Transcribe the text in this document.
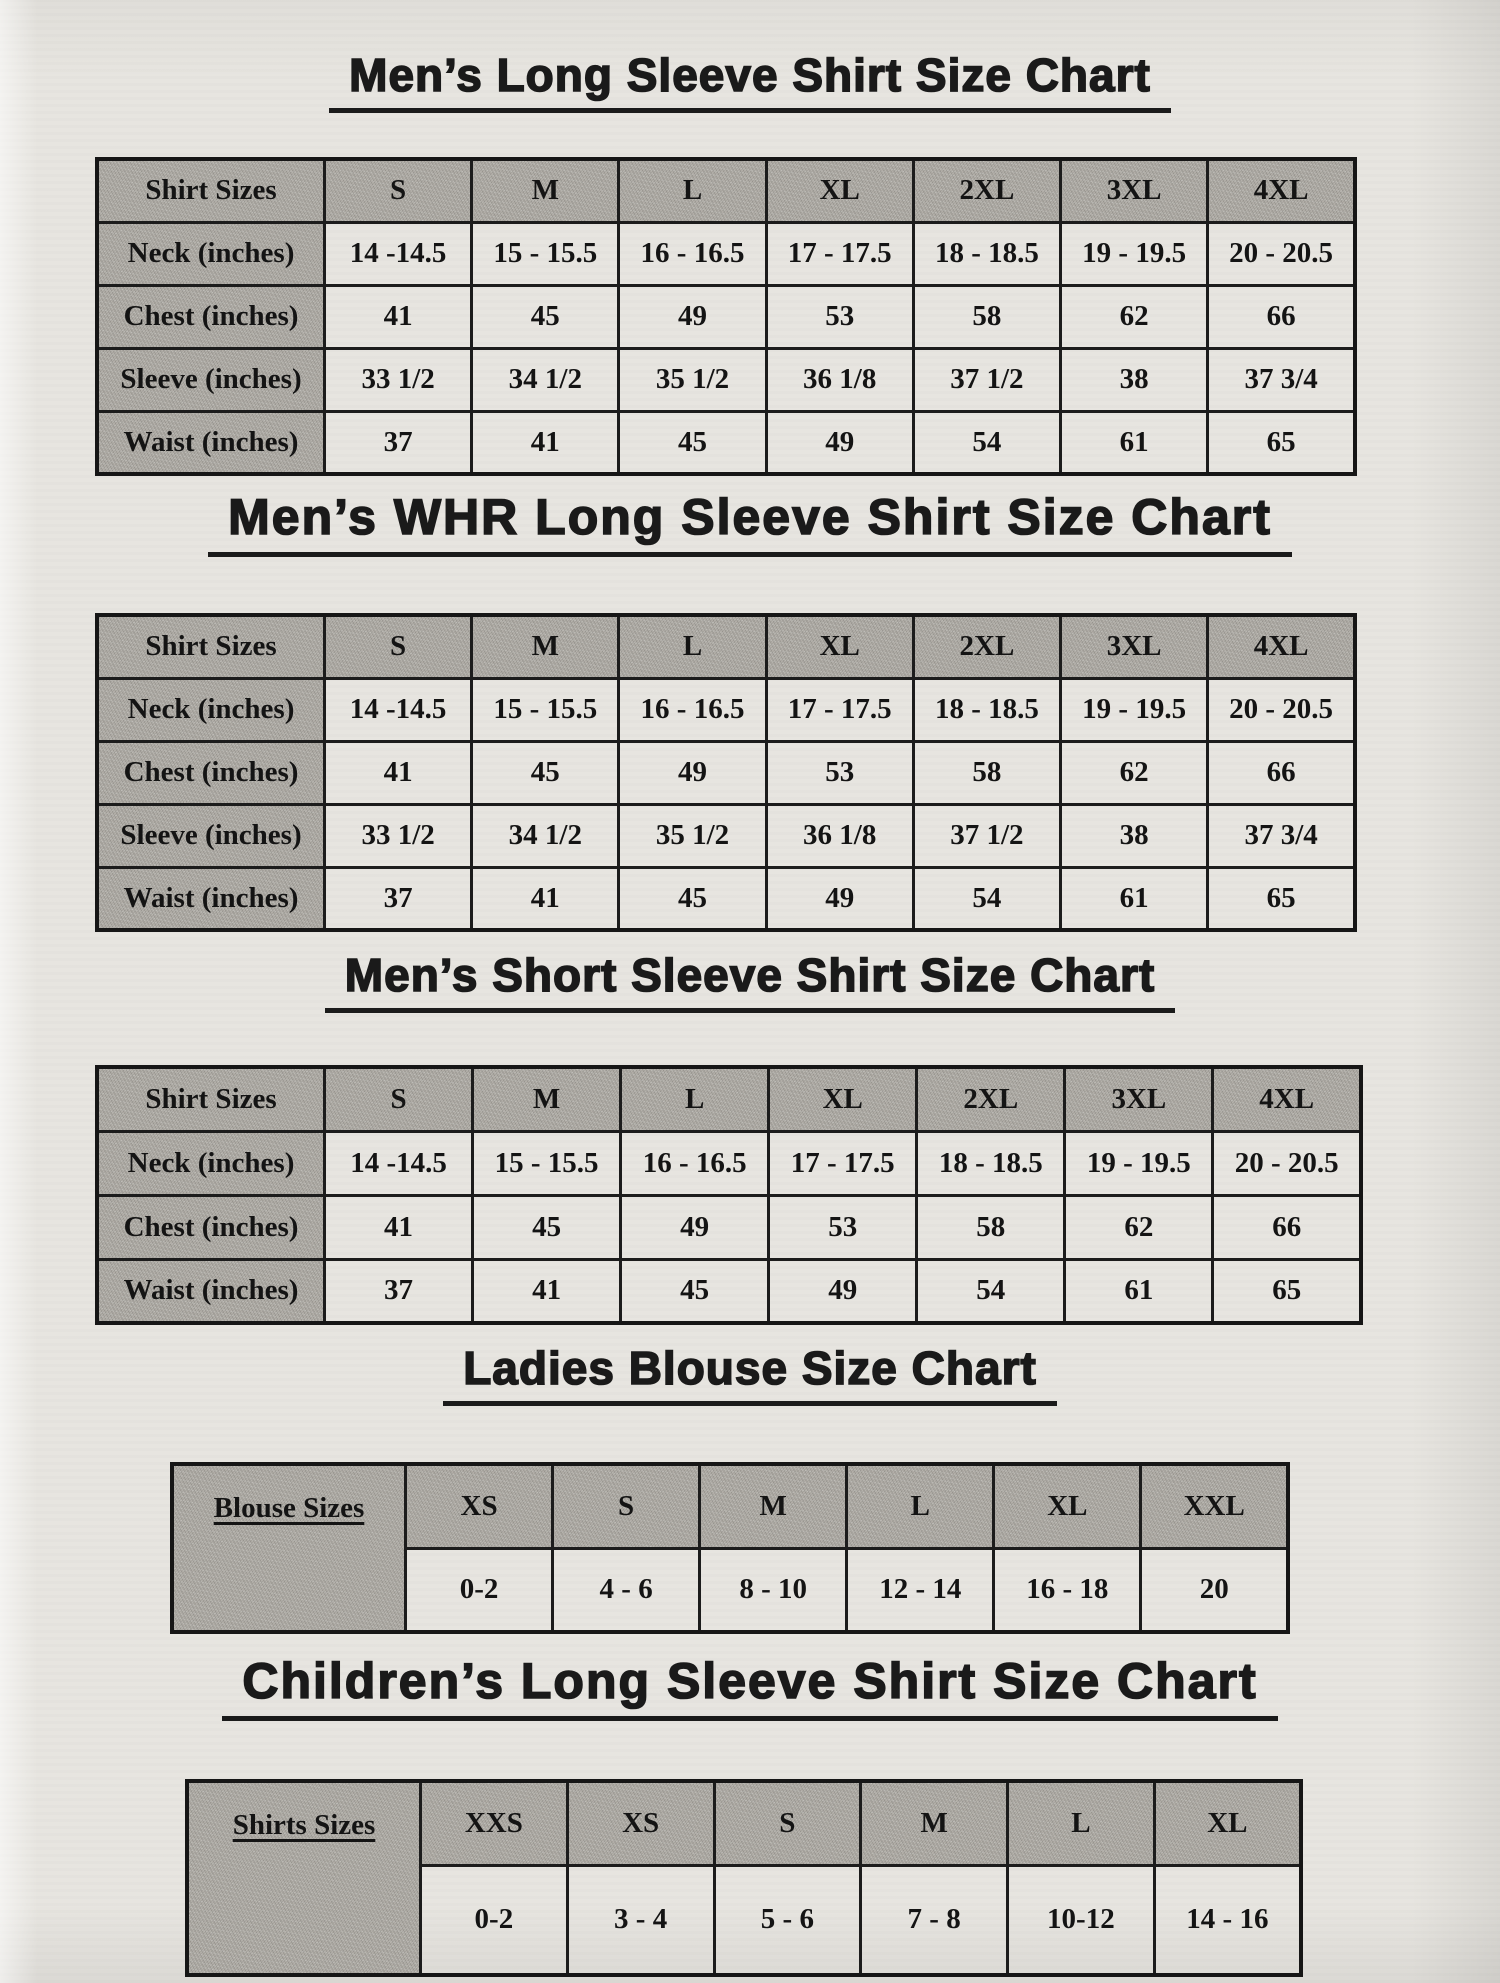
Men’s Long Sleeve Shirt Size Chart
Shirt Sizes	S	M	L	XL	2XL	3XL	4XL
Neck (inches)	14 -14.5	15 - 15.5	16 - 16.5	17 - 17.5	18 - 18.5	19 - 19.5	20 - 20.5
Chest (inches)	41	45	49	53	58	62	66
Sleeve (inches)	33 1/2	34 1/2	35 1/2	36 1/8	37 1/2	38	37 3/4
Waist (inches)	37	41	45	49	54	61	65
Men’s WHR Long Sleeve Shirt Size Chart
Shirt Sizes	S	M	L	XL	2XL	3XL	4XL
Neck (inches)	14 -14.5	15 - 15.5	16 - 16.5	17 - 17.5	18 - 18.5	19 - 19.5	20 - 20.5
Chest (inches)	41	45	49	53	58	62	66
Sleeve (inches)	33 1/2	34 1/2	35 1/2	36 1/8	37 1/2	38	37 3/4
Waist (inches)	37	41	45	49	54	61	65
Men’s Short Sleeve Shirt Size Chart
Shirt Sizes	S	M	L	XL	2XL	3XL	4XL
Neck (inches)	14 -14.5	15 - 15.5	16 - 16.5	17 - 17.5	18 - 18.5	19 - 19.5	20 - 20.5
Chest (inches)	41	45	49	53	58	62	66
Waist (inches)	37	41	45	49	54	61	65
Ladies Blouse Size Chart
Blouse Sizes	XS	S	M	L	XL	XXL
	0-2	4 - 6	8 - 10	12 - 14	16 - 18	20
Children’s Long Sleeve Shirt Size Chart
Shirts Sizes	XXS	XS	S	M	L	XL
	0-2	3 - 4	5 - 6	7 - 8	10-12	14 - 16
